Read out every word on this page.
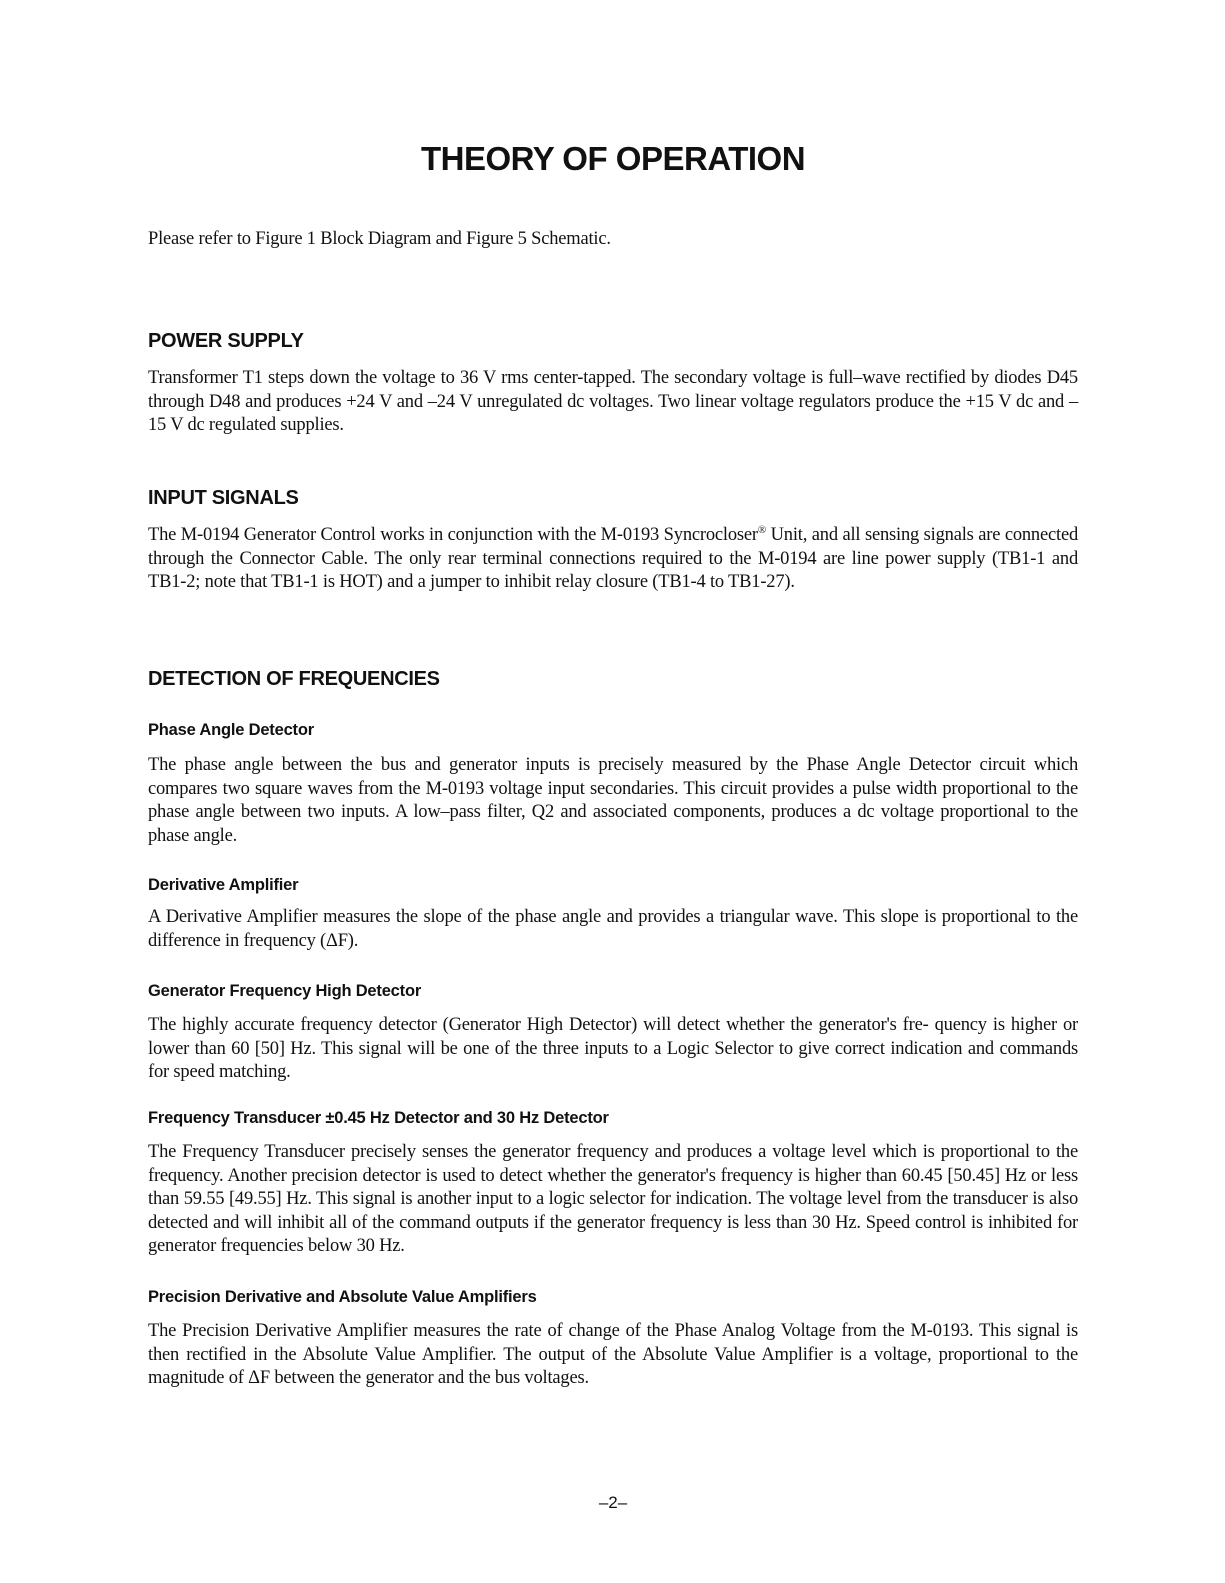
THEORY OF OPERATION

Please refer to Figure 1 Block Diagram and Figure 5 Schematic.

POWER SUPPLY

Transformer T1 steps down the voltage to 36 V rms center-tapped. The secondary voltage is full–wave rectified by diodes D45 through D48 and produces +24 V and –24 V unregulated dc voltages. Two linear voltage regulators produce the +15 V dc and –15 V dc regulated supplies.

INPUT SIGNALS

The M-0194 Generator Control works in conjunction with the M-0193 Syncrocloser® Unit, and all sensing signals are connected through the Connector Cable. The only rear terminal connections required to the M-0194 are line power supply (TB1-1 and TB1-2; note that TB1-1 is HOT) and a jumper to inhibit relay closure (TB1-4 to TB1-27).

DETECTION OF FREQUENCIES
Phase Angle Detector

The phase angle between the bus and generator inputs is precisely measured by the Phase Angle Detector circuit which compares two square waves from the M-0193 voltage input secondaries. This circuit provides a pulse width proportional to the phase angle between two inputs. A low–pass filter, Q2 and associated components, produces a dc voltage proportional to the phase angle.

Derivative Amplifier

A Derivative Amplifier measures the slope of the phase angle and provides a triangular wave. This slope is proportional to the difference in frequency (ΔF).

Generator Frequency High Detector

The highly accurate frequency detector (Generator High Detector) will detect whether the generator's fre- quency is higher or lower than 60 [50] Hz. This signal will be one of the three inputs to a Logic Selector to give correct indication and commands for speed matching.

Frequency Transducer ±0.45 Hz Detector and 30 Hz Detector

The Frequency Transducer precisely senses the generator frequency and produces a voltage level which is proportional to the frequency. Another precision detector is used to detect whether the generator's frequency is higher than 60.45 [50.45] Hz or less than 59.55 [49.55] Hz. This signal is another input to a logic selector for indication. The voltage level from the transducer is also detected and will inhibit all of the command outputs if the generator frequency is less than 30 Hz. Speed control is inhibited for generator frequencies below 30 Hz.

Precision Derivative and Absolute Value Amplifiers

The Precision Derivative Amplifier measures the rate of change of the Phase Analog Voltage from the M-0193. This signal is then rectified in the Absolute Value Amplifier. The output of the Absolute Value Amplifier is a voltage, proportional to the magnitude of ΔF between the generator and the bus voltages.

–2–
